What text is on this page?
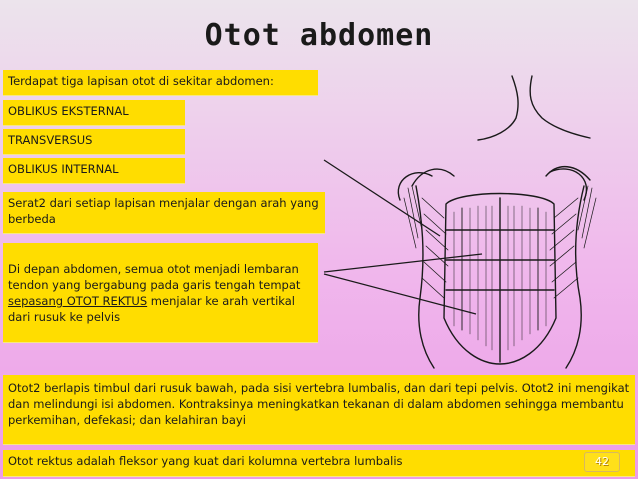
Otot abdomen
Terdapat tiga lapisan otot di sekitar abdomen:
OBLIKUS EKSTERNAL
TRANSVERSUS
OBLIKUS INTERNAL
Serat2 dari setiap lapisan menjalar dengan arah yang berbeda
Di depan abdomen, semua otot menjadi lembaran tendon yang bergabung pada garis tengah tempat sepasang OTOT REKTUS menjalar ke arah vertikal dari rusuk ke pelvis
Otot2 berlapis timbul dari rusuk bawah, pada sisi vertebra lumbalis, dan dari tepi pelvis. Otot2 ini mengikat dan melindungi isi abdomen. Kontraksinya meningkatkan tekanan di dalam abdomen sehingga membantu perkemihan, defekasi; dan kelahiran bayi
Otot rektus adalah fleksor yang kuat dari kolumna vertebra lumbalis	42
